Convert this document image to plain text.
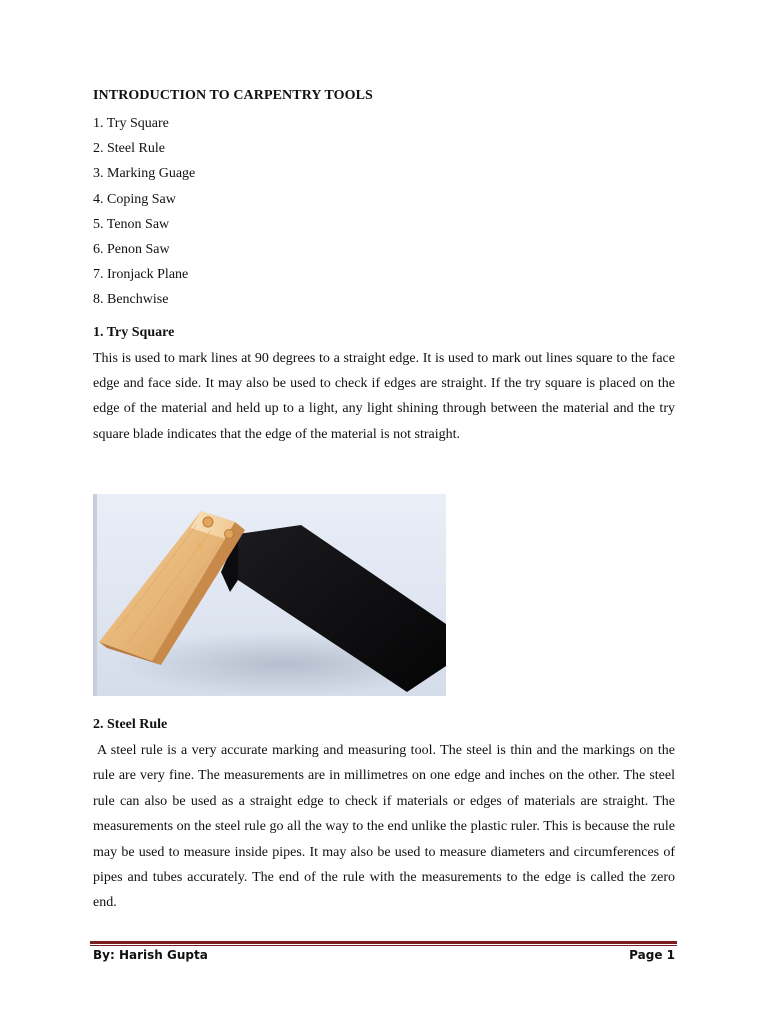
INTRODUCTION TO CARPENTRY TOOLS
1. Try Square
2. Steel Rule
3. Marking Guage
4. Coping Saw
5. Tenon Saw
6. Penon Saw
7. Ironjack Plane
8. Benchwise
1. Try Square

This is used to mark lines at 90 degrees to a straight edge. It is used to mark out lines square to the face edge and face side. It may also be used to check if edges are straight. If the try square is placed on the edge of the material and held up to a light, any light shining through between the material and the try square blade indicates that the edge of the material is not straight.

2. Steel Rule

A steel rule is a very accurate marking and measuring tool. The steel is thin and the markings on the rule are very fine. The measurements are in millimetres on one edge and inches on the other. The steel rule can also be used as a straight edge to check if materials or edges of materials are straight. The measurements on the steel rule go all the way to the end unlike the plastic ruler. This is because the rule may be used to measure inside pipes. It may also be used to measure diameters and circumferences of pipes and tubes accurately. The end of the rule with the measurements to the edge is called the zero end.

By: Harish Gupta	Page 1
